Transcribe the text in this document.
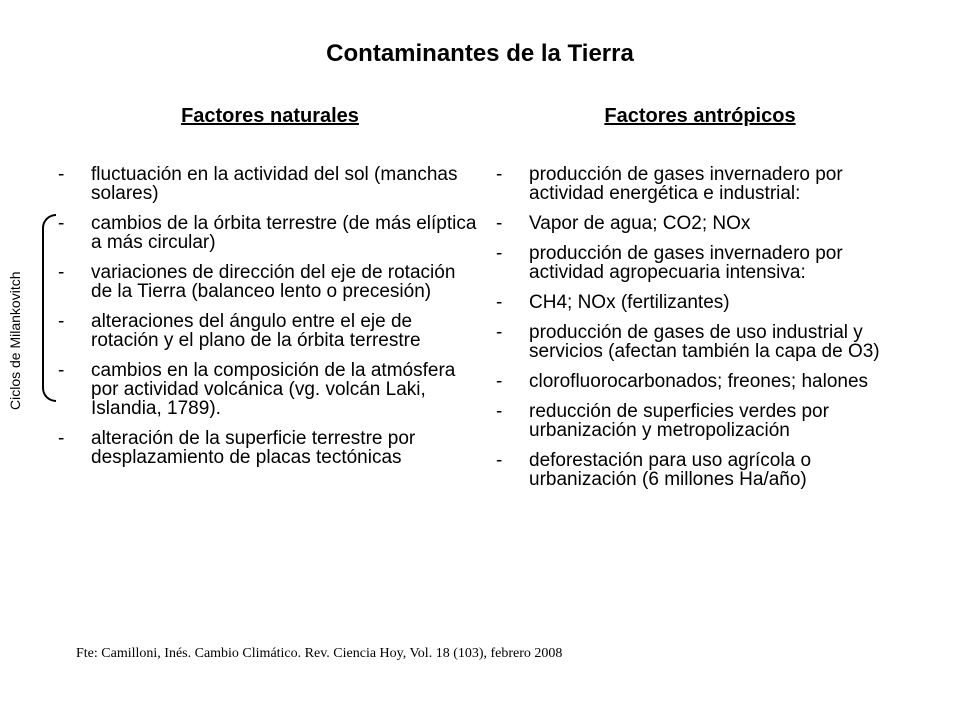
Contaminantes de la Tierra
Factores naturales	Factores antrópicos
- fluctuación en la actividad del sol (manchas solares)
- cambios de la órbita terrestre (de más elíptica a más circular)
- variaciones de dirección del eje de rotación de la Tierra (balanceo lento o precesión)
- alteraciones del ángulo entre el eje de rotación y el plano de la órbita terrestre
- cambios en la composición de la atmósfera por actividad volcánica (vg. volcán Laki, Islandia, 1789).
- alteración de la superficie terrestre por desplazamiento de placas tectónicas
- producción de gases invernadero por actividad energética e industrial:
- Vapor de agua; CO2; NOx
- producción de gases invernadero por actividad agropecuaria intensiva:
- CH4; NOx (fertilizantes)
- producción de gases de uso industrial y servicios (afectan también la capa de O3)
- clorofluorocarbonados; freones; halones
- reducción de superficies verdes por urbanización y metropolización
- deforestación para uso agrícola o urbanización (6 millones Ha/año)
Ciclos de Milankovitch
Fte: Camilloni, Inés. Cambio Climático. Rev. Ciencia Hoy, Vol. 18 (103), febrero 2008
